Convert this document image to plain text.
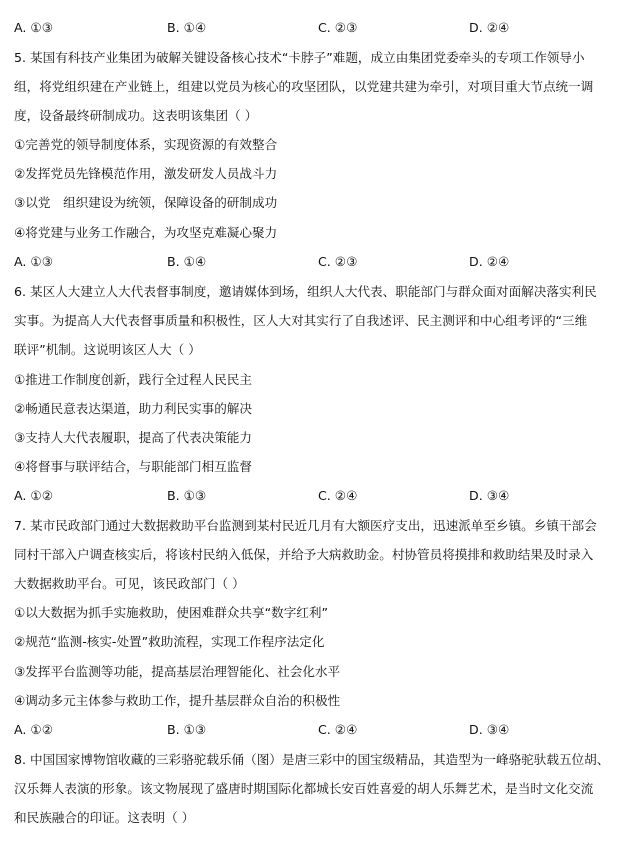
A. ①③	B. ①④	C. ②③	D. ②④
5. 某国有科技产业集团为破解关键设备核心技术“卡脖子”难题，成立由集团党委牵头的专项工作领导小
组，将党组织建在产业链上，组建以党员为核心的攻坚团队，以党建共建为牵引，对项目重大节点统一调
度，设备最终研制成功。这表明该集团（ ）
①完善党的领导制度体系，实现资源的有效整合
②发挥党员先锋模范作用，激发研发人员战斗力
③以党　组织建设为统领，保障设备的研制成功
④将党建与业务工作融合，为攻坚克难凝心聚力
A. ①③	B. ①④	C. ②③	D. ②④
6. 某区人大建立人大代表督事制度，邀请媒体到场，组织人大代表、职能部门与群众面对面解决落实利民
实事。为提高人大代表督事质量和积极性，区人大对其实行了自我述评、民主测评和中心组考评的“三维
联评”机制。这说明该区人大（ ）
①推进工作制度创新，践行全过程人民民主
②畅通民意表达渠道，助力利民实事的解决
③支持人大代表履职，提高了代表决策能力
④将督事与联评结合，与职能部门相互监督
A. ①②	B. ①③	C. ②④	D. ③④
7. 某市民政部门通过大数据救助平台监测到某村民近几月有大额医疗支出，迅速派单至乡镇。乡镇干部会
同村干部入户调查核实后，将该村民纳入低保，并给予大病救助金。村协管员将摸排和救助结果及时录入
大数据救助平台。可见，该民政部门（ ）
①以大数据为抓手实施救助，使困难群众共享“数字红利”
②规范“监测-核实-处置”救助流程，实现工作程序法定化
③发挥平台监测等功能，提高基层治理智能化、社会化水平
④调动多元主体参与救助工作，提升基层群众自治的积极性
A. ①②	B. ①③	C. ②④	D. ③④
8. 中国国家博物馆收藏的三彩骆驼载乐俑（图）是唐三彩中的国宝级精品，其造型为一峰骆驼驮载五位胡、
汉乐舞人表演的形象。该文物展现了盛唐时期国际化都城长安百姓喜爱的胡人乐舞艺术，是当时文化交流
和民族融合的印证。这表明（ ）
